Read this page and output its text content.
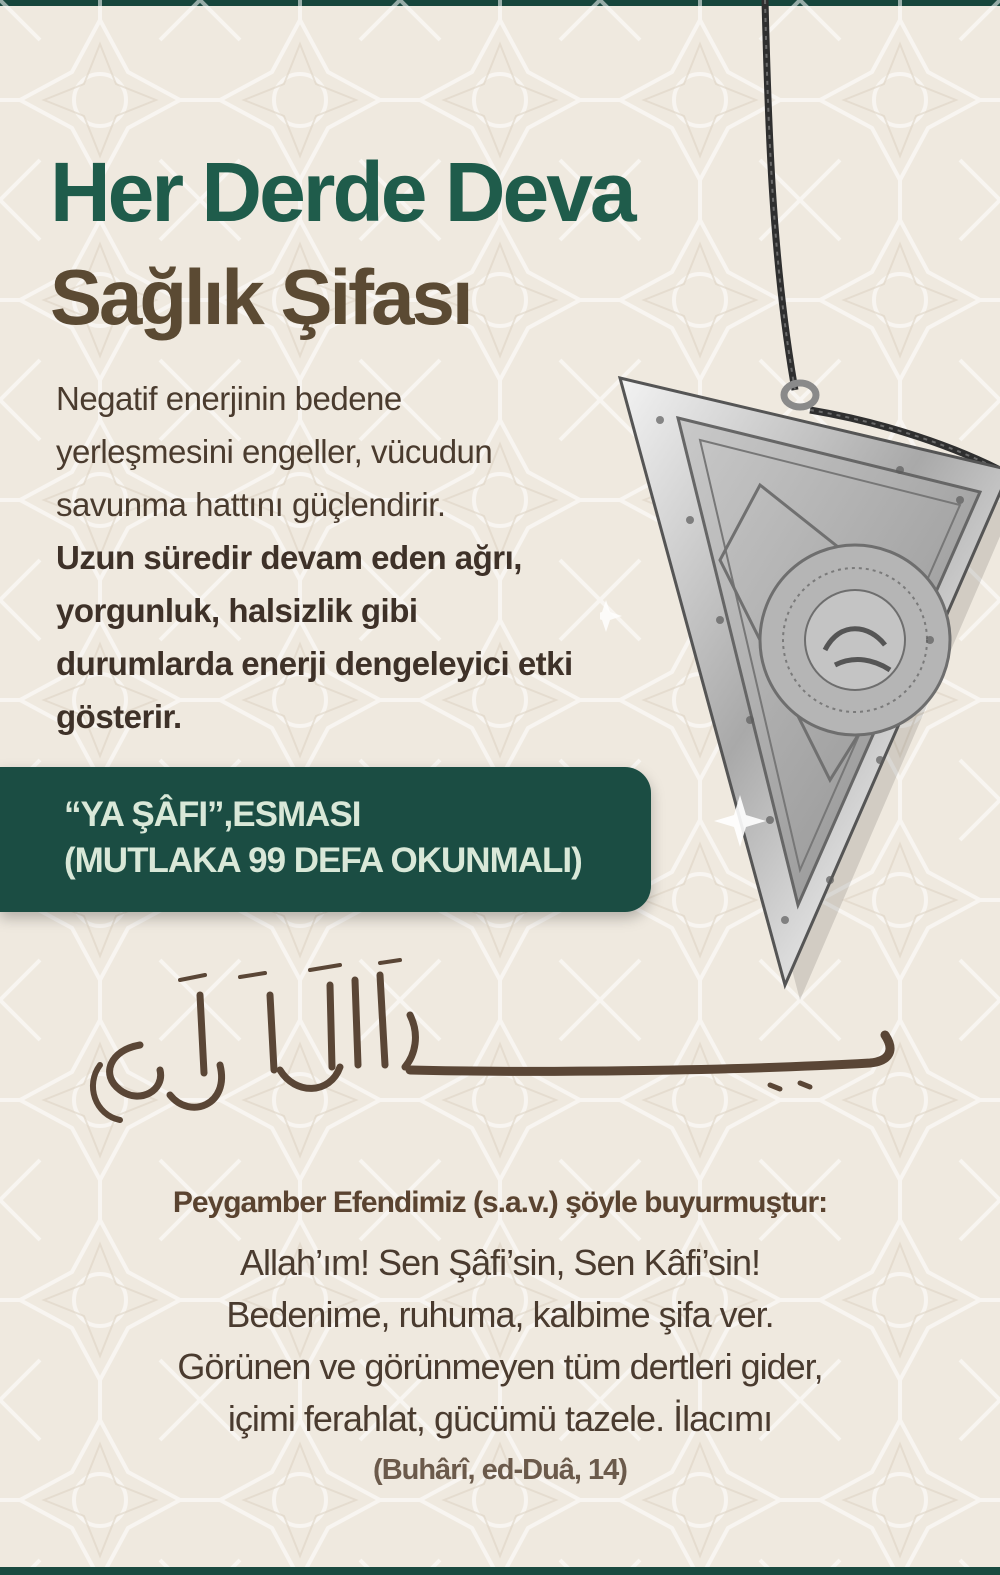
Her Derde Deva
Sağlık Şifası
Negatif enerjinin bedene
yerleşmesini engeller, vücudun
savunma hattını güçlendirir.
Uzun süredir devam eden ağrı,
yorgunluk, halsizlik gibi
durumlarda enerji dengeleyici etki
gösterir.
“YA ŞÂFI”,ESMASI
(MUTLAKA 99 DEFA OKUNMALI)
Peygamber Efendimiz (s.a.v.) şöyle buyurmuştur:
Allah’ım! Sen Şâfi’sin, Sen Kâfi’sin!
Bedenime, ruhuma, kalbime şifa ver.
Görünen ve görünmeyen tüm dertleri gider,
içimi ferahlat, gücümü tazele. İlacımı
(Buhârî, ed-Duâ, 14)
